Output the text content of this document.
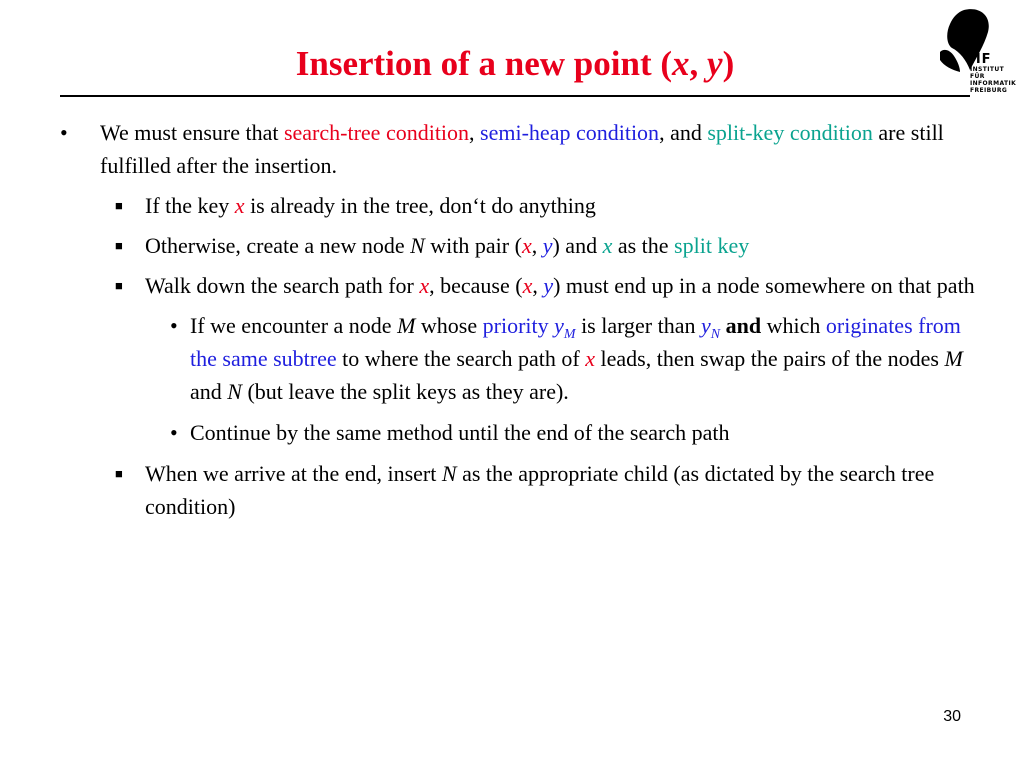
Insertion of a new point (x, y)	IIF
INSTITUT FÜR
INFORMATIK
FREIBURG
• We must ensure that search-tree condition, semi-heap condition, and split-key condition are still fulfilled after the insertion.
■ If the key x is already in the tree, don‘t do anything
■ Otherwise, create a new node N with pair (x, y) and x as the split key
■ Walk down the search path for x, because (x, y) must end up in a node somewhere on that path
• If we encounter a node M whose priority $y_M$ is larger than $y_N$ and which originates from the same subtree to where the search path of x leads, then swap the pairs of the nodes M and N (but leave the split keys as they are).
• Continue by the same method until the end of the search path
■ When we arrive at the end, insert N as the appropriate child (as dictated by the search tree condition)
30
